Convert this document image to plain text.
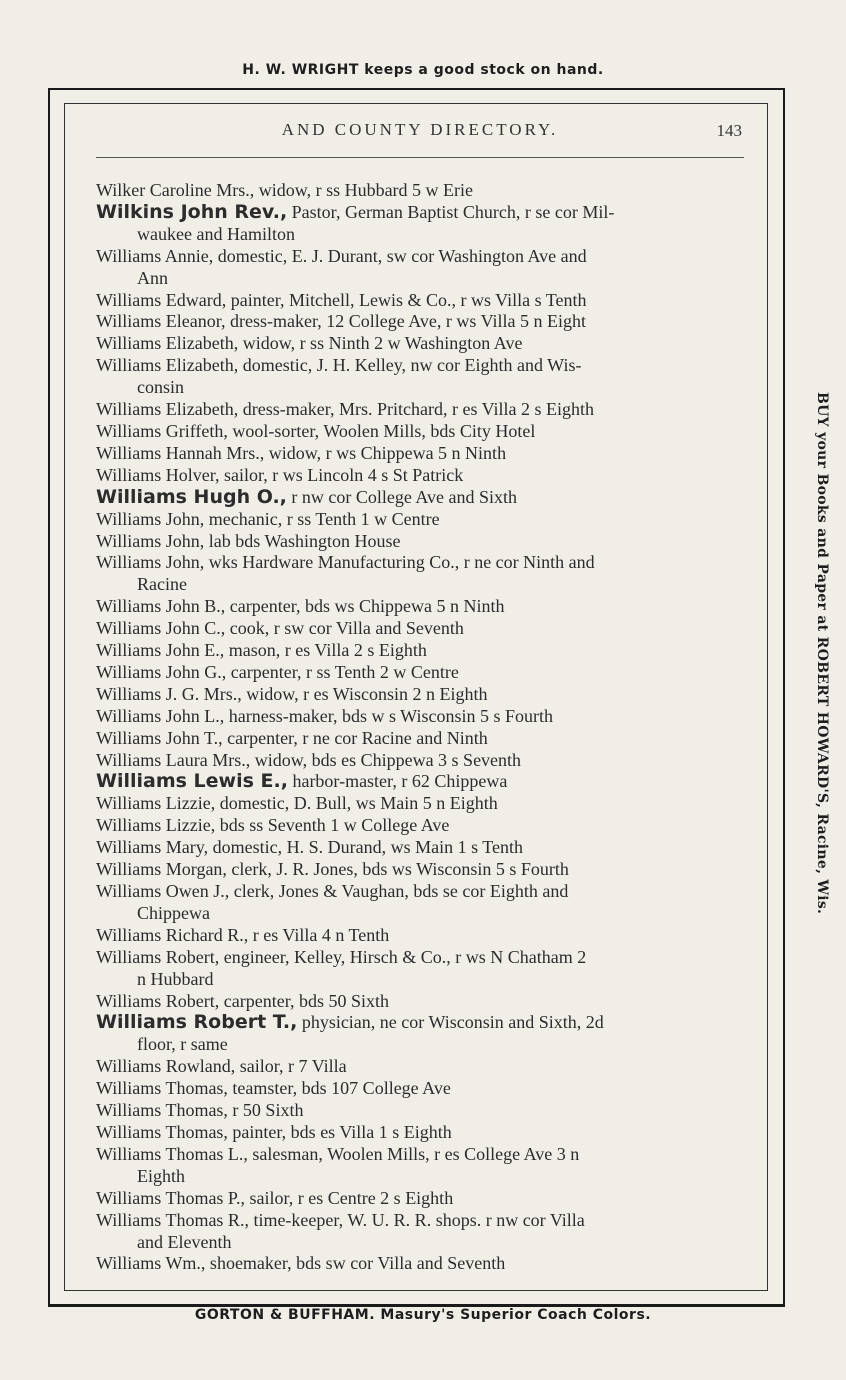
H. W. WRIGHT keeps a good stock on hand.
AND COUNTY DIRECTORY.	143
Wilker Caroline Mrs., widow, r ss Hubbard 5 w Erie
Wilkins John Rev., Pastor, German Baptist Church, r se cor Mil-
waukee and Hamilton
Williams Annie, domestic, E. J. Durant, sw cor Washington Ave and
Ann
Williams Edward, painter, Mitchell, Lewis & Co., r ws Villa s Tenth
Williams Eleanor, dress-maker, 12 College Ave, r ws Villa 5 n Eight
Williams Elizabeth, widow, r ss Ninth 2 w Washington Ave
Williams Elizabeth, domestic, J. H. Kelley, nw cor Eighth and Wis-
consin
Williams Elizabeth, dress-maker, Mrs. Pritchard, r es Villa 2 s Eighth
Williams Griffeth, wool-sorter, Woolen Mills, bds City Hotel
Williams Hannah Mrs., widow, r ws Chippewa 5 n Ninth
Williams Holver, sailor, r ws Lincoln 4 s St Patrick
Williams Hugh O., r nw cor College Ave and Sixth
Williams John, mechanic, r ss Tenth 1 w Centre
Williams John, lab bds Washington House
Williams John, wks Hardware Manufacturing Co., r ne cor Ninth and
Racine
Williams John B., carpenter, bds ws Chippewa 5 n Ninth
Williams John C., cook, r sw cor Villa and Seventh
Williams John E., mason, r es Villa 2 s Eighth
Williams John G., carpenter, r ss Tenth 2 w Centre
Williams J. G. Mrs., widow, r es Wisconsin 2 n Eighth
Williams John L., harness-maker, bds w s Wisconsin 5 s Fourth
Williams John T., carpenter, r ne cor Racine and Ninth
Williams Laura Mrs., widow, bds es Chippewa 3 s Seventh
Williams Lewis E., harbor-master, r 62 Chippewa
Williams Lizzie, domestic, D. Bull, ws Main 5 n Eighth
Williams Lizzie, bds ss Seventh 1 w College Ave
Williams Mary, domestic, H. S. Durand, ws Main 1 s Tenth
Williams Morgan, clerk, J. R. Jones, bds ws Wisconsin 5 s Fourth
Williams Owen J., clerk, Jones & Vaughan, bds se cor Eighth and
Chippewa
Williams Richard R., r es Villa 4 n Tenth
Williams Robert, engineer, Kelley, Hirsch & Co., r ws N Chatham 2
n Hubbard
Williams Robert, carpenter, bds 50 Sixth
Williams Robert T., physician, ne cor Wisconsin and Sixth, 2d
floor, r same
Williams Rowland, sailor, r 7 Villa
Williams Thomas, teamster, bds 107 College Ave
Williams Thomas, r 50 Sixth
Williams Thomas, painter, bds es Villa 1 s Eighth
Williams Thomas L., salesman, Woolen Mills, r es College Ave 3 n
Eighth
Williams Thomas P., sailor, r es Centre 2 s Eighth
Williams Thomas R., time-keeper, W. U. R. R. shops. r nw cor Villa
and Eleventh
Williams Wm., shoemaker, bds sw cor Villa and Seventh
BUY your Books and Paper at ROBERT HOWARD'S, Racine, Wis.
GORTON & BUFFHAM. Masury's Superior Coach Colors.
